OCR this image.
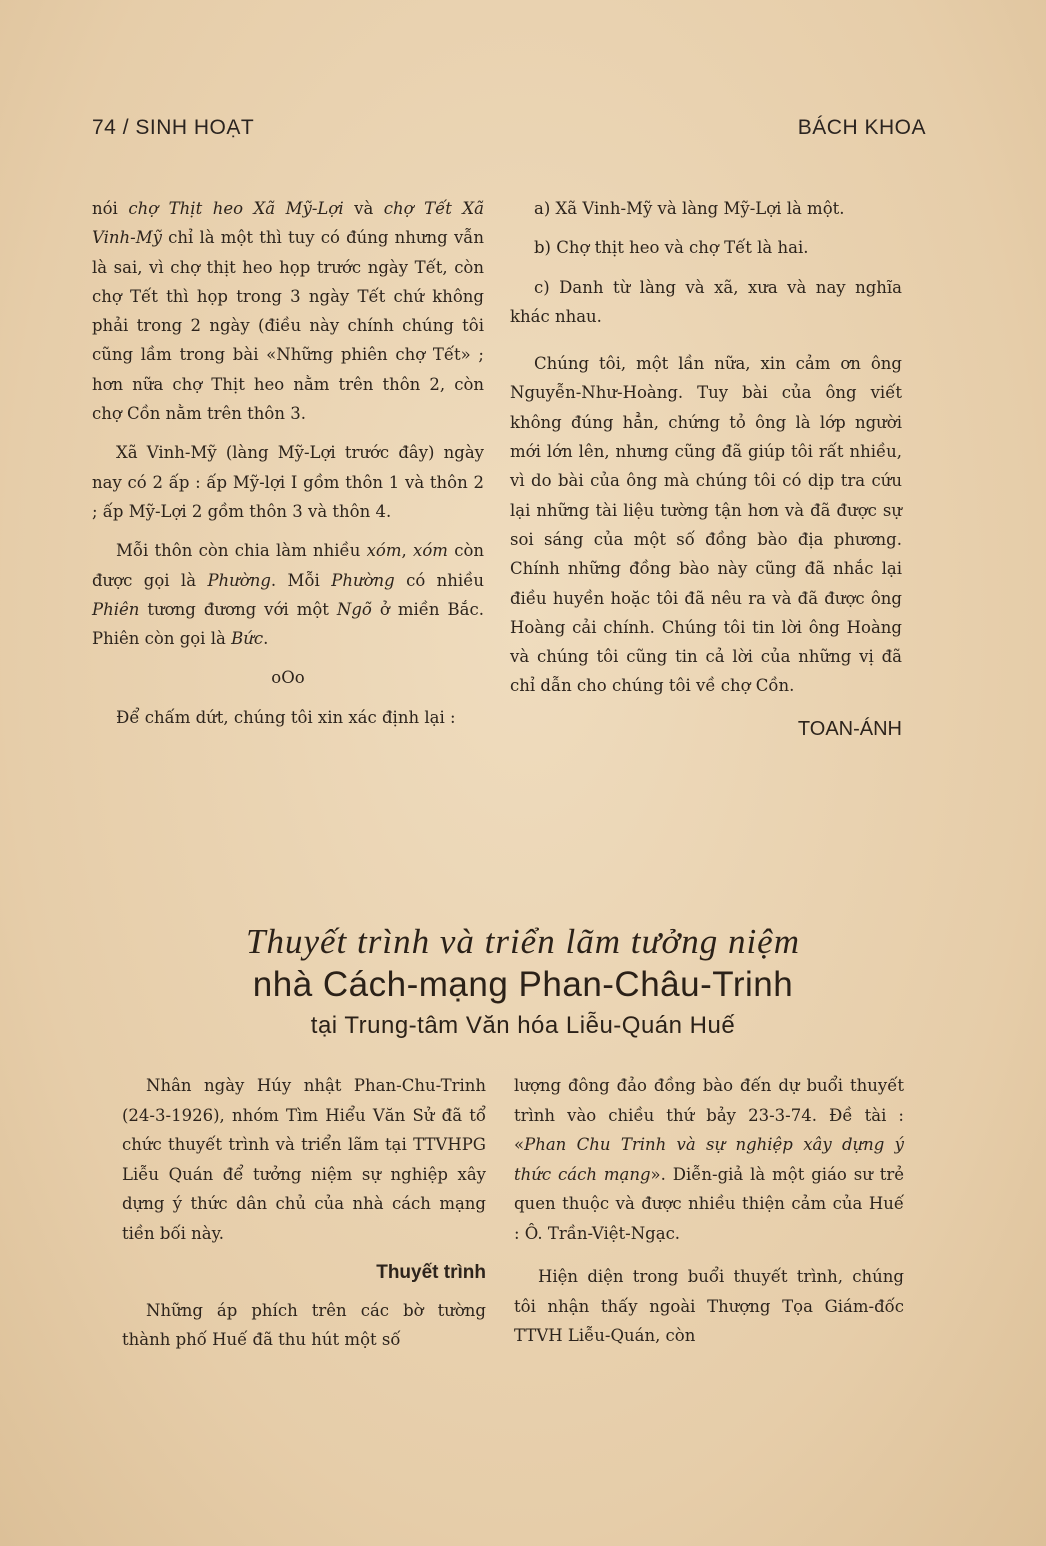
74 / SINH HOẠT	BÁCH KHOA

nói chợ Thịt heo Xã Mỹ-Lợi và chợ Tết Xã Vinh-Mỹ chỉ là một thì tuy có đúng nhưng vẫn là sai, vì chợ thịt heo họp trước ngày Tết, còn chợ Tết thì họp trong 3 ngày Tết chứ không phải trong 2 ngày (điều này chính chúng tôi cũng lầm trong bài «Những phiên chợ Tết» ; hơn nữa chợ Thịt heo nằm trên thôn 2, còn chợ Cồn nằm trên thôn 3.

Xã Vinh-Mỹ (làng Mỹ-Lợi trước đây) ngày nay có 2 ấp : ấp Mỹ-lợi I gồm thôn 1 và thôn 2 ; ấp Mỹ-Lợi 2 gồm thôn 3 và thôn 4.

Mỗi thôn còn chia làm nhiều xóm, xóm còn được gọi là Phường. Mỗi Phường có nhiều Phiên tương đương với một Ngõ ở miền Bắc. Phiên còn gọi là Bức.

oOo

Để chấm dứt, chúng tôi xin xác định lại :

a) Xã Vinh-Mỹ và làng Mỹ-Lợi là một.

b) Chợ thịt heo và chợ Tết là hai.

c) Danh từ làng và xã, xưa và nay nghĩa khác nhau.

Chúng tôi, một lần nữa, xin cảm ơn ông Nguyễn-Như-Hoàng. Tuy bài của ông viết không đúng hẳn, chứng tỏ ông là lớp người mới lớn lên, nhưng cũng đã giúp tôi rất nhiều, vì do bài của ông mà chúng tôi có dịp tra cứu lại những tài liệu tường tận hơn và đã được sự soi sáng của một số đồng bào địa phương. Chính những đồng bào này cũng đã nhắc lại điều huyền hoặc tôi đã nêu ra và đã được ông Hoàng cải chính. Chúng tôi tin lời ông Hoàng và chúng tôi cũng tin cả lời của những vị đã chỉ dẫn cho chúng tôi về chợ Cồn.

TOAN-ÁNH
Thuyết trình và triển lãm tưởng niệm
nhà Cách-mạng Phan-Châu-Trinh
tại Trung-tâm Văn hóa Liễu-Quán Huế

Nhân ngày Húy nhật Phan-Chu-Trinh (24-3-1926), nhóm Tìm Hiểu Văn Sử đã tổ chức thuyết trình và triển lãm tại TTVHPG Liễu Quán để tưởng niệm sự nghiệp xây dựng ý thức dân chủ của nhà cách mạng tiền bối này.

Thuyết trình

Những áp phích trên các bờ tường thành phố Huế đã thu hút một số

lượng đông đảo đồng bào đến dự buổi thuyết trình vào chiều thứ bảy 23-3-74. Đề tài : «Phan Chu Trinh và sự nghiệp xây dựng ý thức cách mạng». Diễn-giả là một giáo sư trẻ quen thuộc và được nhiều thiện cảm của Huế : Ô. Trần-Việt-Ngạc.

Hiện diện trong buổi thuyết trình, chúng tôi nhận thấy ngoài Thượng Tọa Giám-đốc TTVH Liễu-Quán, còn
